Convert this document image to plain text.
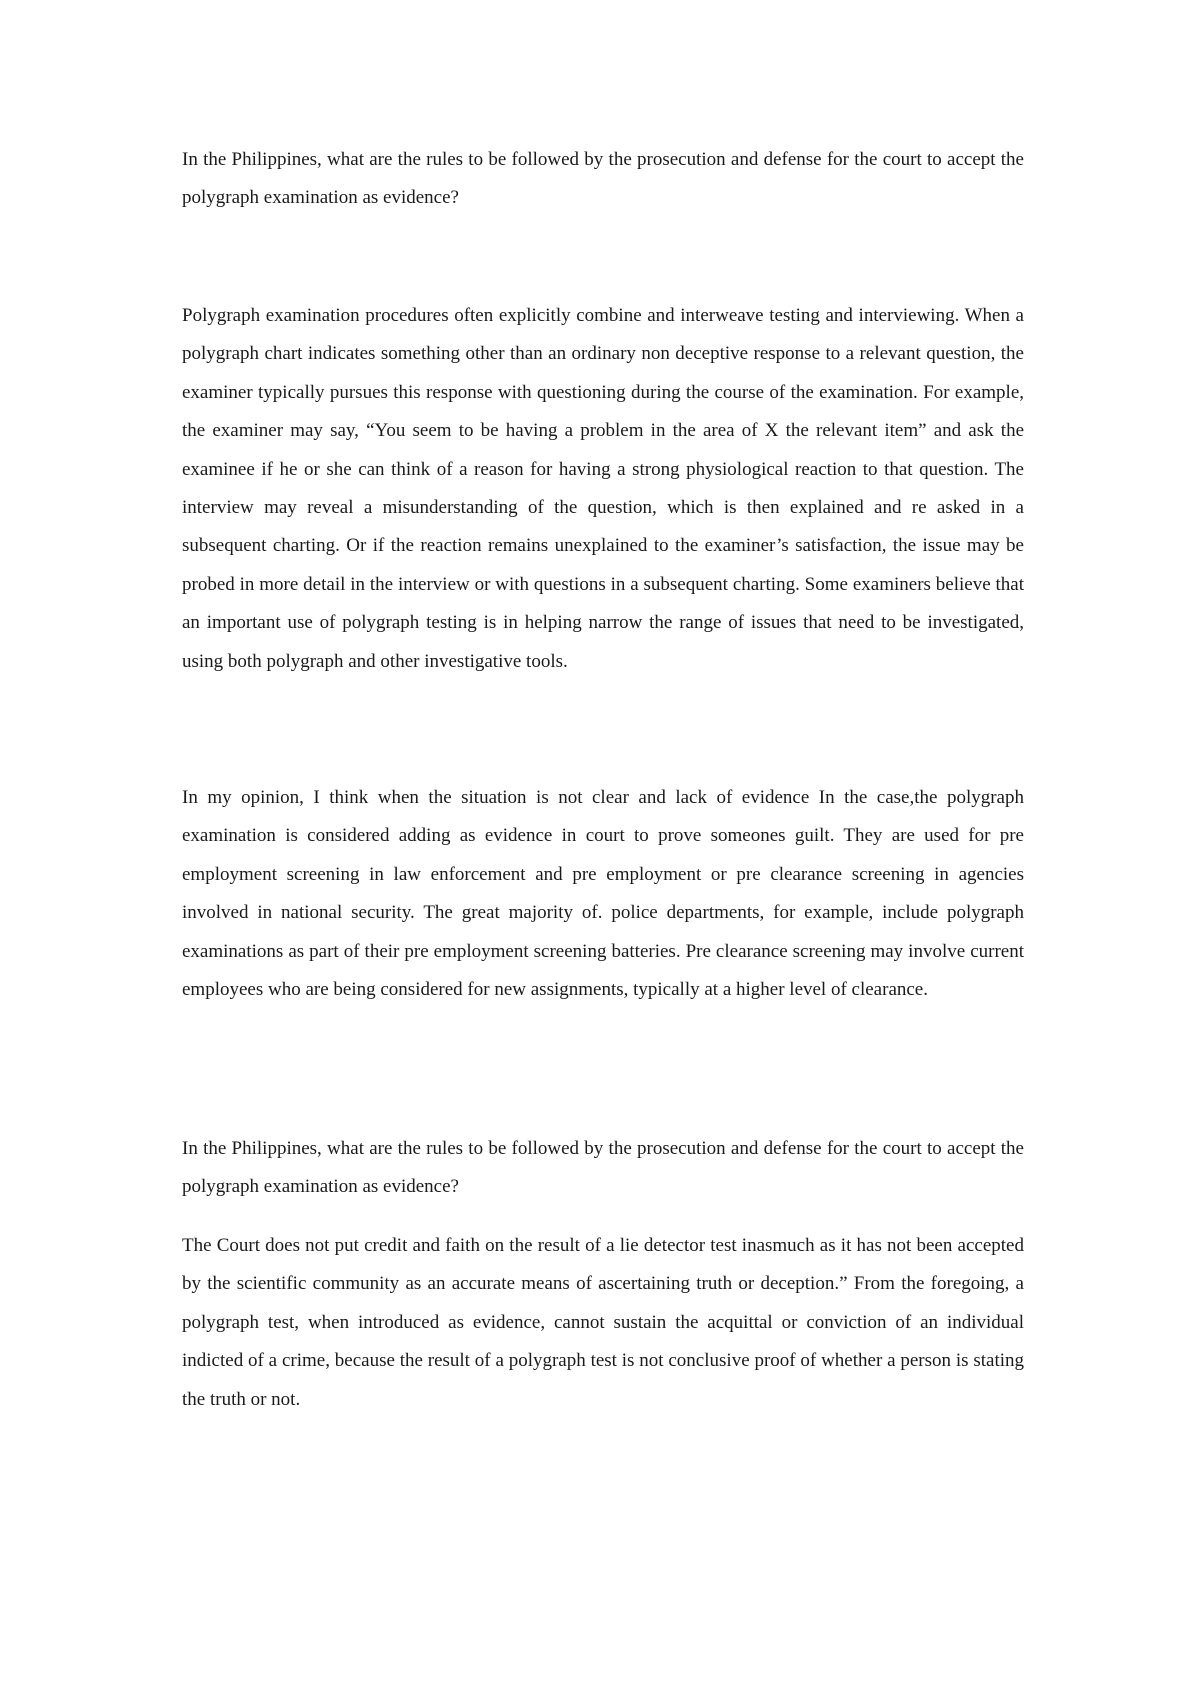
In the Philippines, what are the rules to be followed by the prosecution and defense for the court to accept the polygraph examination as evidence?

Polygraph examination procedures often explicitly combine and interweave testing and interviewing. When a polygraph chart indicates something other than an ordinary non deceptive response to a relevant question, the examiner typically pursues this response with questioning during the course of the examination. For example, the examiner may say, “You seem to be having a problem in the area of X the relevant item” and ask the examinee if he or she can think of a reason for having a strong physiological reaction to that question. The interview may reveal a misunderstanding of the question, which is then explained and re asked in a subsequent charting. Or if the reaction remains unexplained to the examiner’s satisfaction, the issue may be probed in more detail in the interview or with questions in a subsequent charting. Some examiners believe that an important use of polygraph testing is in helping narrow the range of issues that need to be investigated, using both polygraph and other investigative tools.

In my opinion, I think when the situation is not clear and lack of evidence In the case,the polygraph examination is considered adding as evidence in court to prove someones guilt. They are used for pre employment screening in law enforcement and pre employment or pre clearance screening in agencies involved in national security. The great majority of. police departments, for example, include polygraph examinations as part of their pre employment screening batteries. Pre clearance screening may involve current employees who are being considered for new assignments, typically at a higher level of clearance.

In the Philippines, what are the rules to be followed by the prosecution and defense for the court to accept the polygraph examination as evidence?

The Court does not put credit and faith on the result of a lie detector test inasmuch as it has not been accepted by the scientific community as an accurate means of ascertaining truth or deception.” From the foregoing, a polygraph test, when introduced as evidence, cannot sustain the acquittal or conviction of an individual indicted of a crime, because the result of a polygraph test is not conclusive proof of whether a person is stating the truth or not.
